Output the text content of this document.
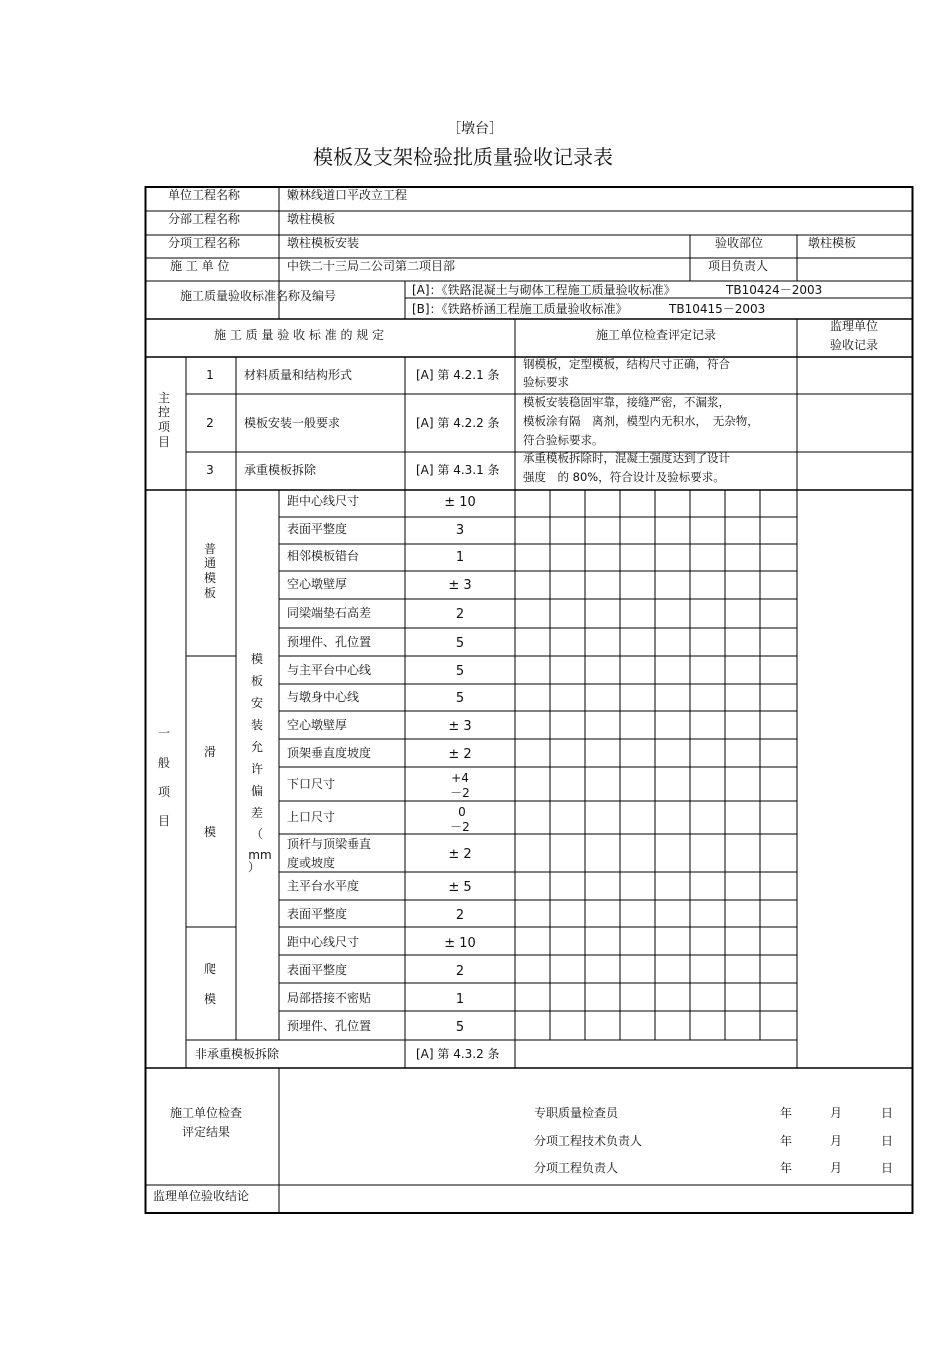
［墩台］
模板及支架检验批质量验收记录表
单位工程名称	嫩林线道口平改立工程
分部工程名称	墩柱模板
分项工程名称	墩柱模板安装	验收部位	墩柱模板
施 工 单 位	中铁二十三局二公司第二项目部	项目负责人
施工质量验收标准名称及编号	[A]：《铁路混凝土与砌体工程施工质量验收标准》	TB10424－2003
[B]：《铁路桥涵工程施工质量验收标准》	TB10415－2003
施 工 质 量 验 收 标 准 的 规 定	施工单位检查评定记录
监理单位
验收记录
主
控
项
目
1	材料质量和结构形式	[A] 第 4.2.1 条
钢模板，定型模板，结构尺寸正确，符合
验标要求
2	模板安装一般要求	[A] 第 4.2.2 条
模板安装稳固牢靠，接缝严密，不漏浆，
模板涂有隔　离剂，模型内无积水，　无杂物，
符合验标要求。
3	承重模板拆除	[A] 第 4.3.1 条
承重模板拆除时，混凝土强度达到了设计
强度　的 80%，符合设计及验标要求。
一
般
项
目
模
板
安
装
允
许
偏
差
（
mm
）
普
通
模
板
滑
模
爬
模
距中心线尺寸	± 10
表面平整度	3
相邻模板错台	1
空心墩壁厚	± 3
同梁端垫石高差	2
预埋件、孔位置	5
与主平台中心线	5
与墩身中心线	5
空心墩壁厚	± 3
顶架垂直度坡度	± 2
下口尺寸	+4
－2
上口尺寸	0
－2
顶杆与顶梁垂直
度或坡度
± 2
主平台水平度	± 5
表面平整度	2
距中心线尺寸	± 10
表面平整度	2
局部搭接不密贴	1
预埋件、孔位置	5
非承重模板拆除	[A] 第 4.3.2 条
施工单位检查
评定结果
专职质量检查员	年	月	日
分项工程技术负责人	年	月	日
分项工程负责人	年	月	日
监理单位验收结论
